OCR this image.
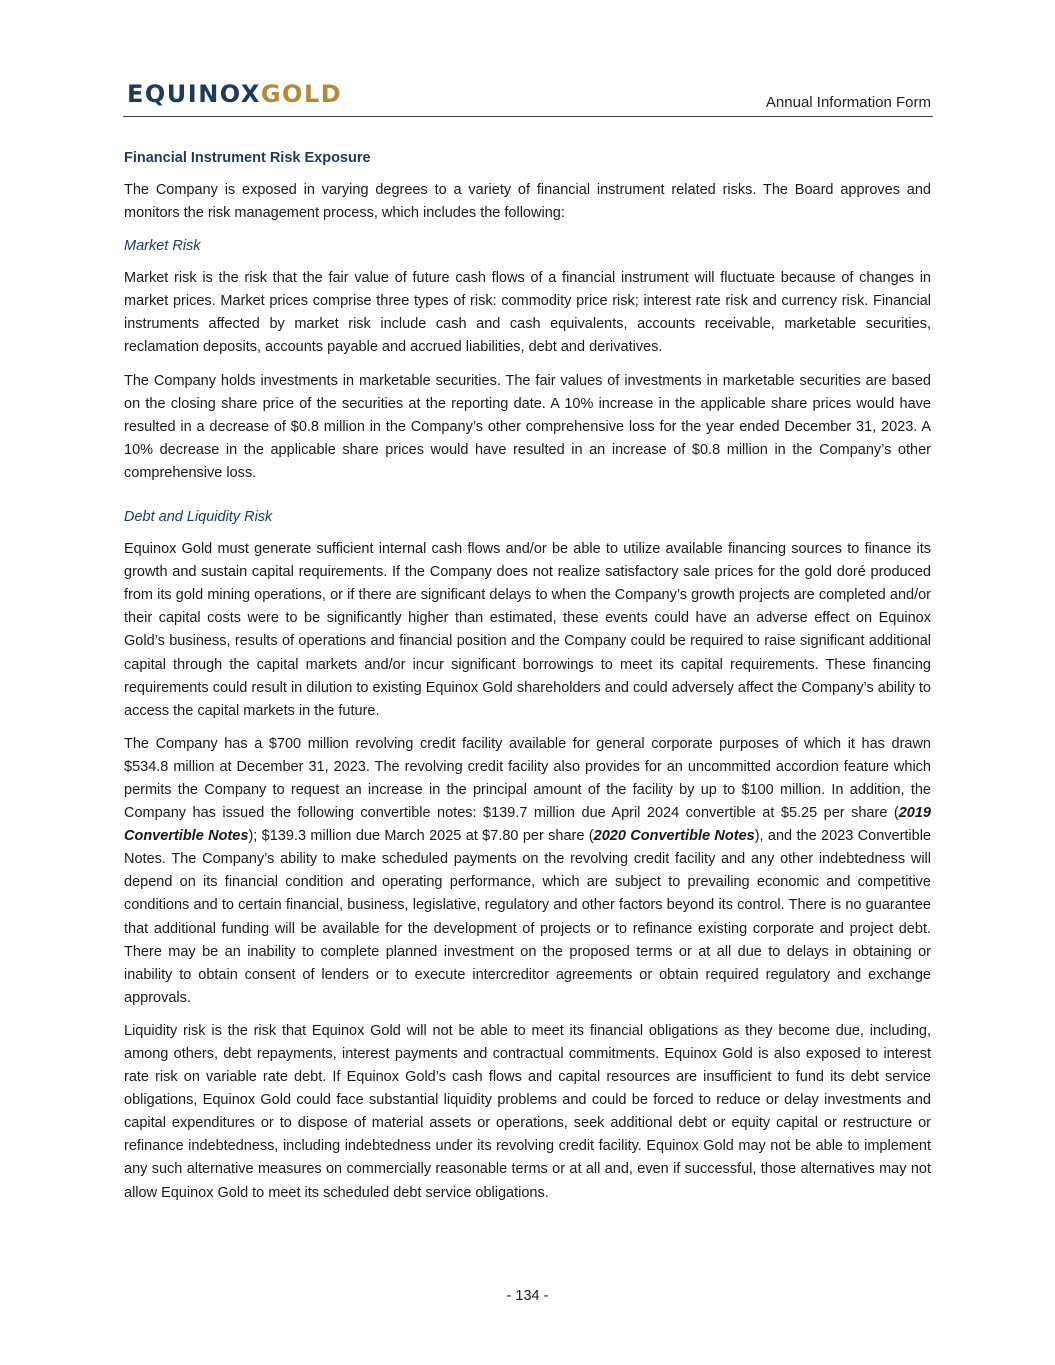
EQUINOXGOLD	Annual Information Form
Financial Instrument Risk Exposure

The Company is exposed in varying degrees to a variety of financial instrument related risks. The Board approves and monitors the risk management process, which includes the following:

Market Risk

Market risk is the risk that the fair value of future cash flows of a financial instrument will fluctuate because of changes in market prices. Market prices comprise three types of risk: commodity price risk; interest rate risk and currency risk. Financial instruments affected by market risk include cash and cash equivalents, accounts receivable, marketable securities, reclamation deposits, accounts payable and accrued liabilities, debt and derivatives.

The Company holds investments in marketable securities. The fair values of investments in marketable securities are based on the closing share price of the securities at the reporting date. A 10% increase in the applicable share prices would have resulted in a decrease of $0.8 million in the Company’s other comprehensive loss for the year ended December 31, 2023. A 10% decrease in the applicable share prices would have resulted in an increase of $0.8 million in the Company’s other comprehensive loss.

Debt and Liquidity Risk

Equinox Gold must generate sufficient internal cash flows and/or be able to utilize available financing sources to finance its growth and sustain capital requirements. If the Company does not realize satisfactory sale prices for the gold doré produced from its gold mining operations, or if there are significant delays to when the Company’s growth projects are completed and/or their capital costs were to be significantly higher than estimated, these events could have an adverse effect on Equinox Gold’s business, results of operations and financial position and the Company could be required to raise significant additional capital through the capital markets and/or incur significant borrowings to meet its capital requirements. These financing requirements could result in dilution to existing Equinox Gold shareholders and could adversely affect the Company’s ability to access the capital markets in the future.

The Company has a $700 million revolving credit facility available for general corporate purposes of which it has drawn $534.8 million at December 31, 2023. The revolving credit facility also provides for an uncommitted accordion feature which permits the Company to request an increase in the principal amount of the facility by up to $100 million. In addition, the Company has issued the following convertible notes: $139.7 million due April 2024 convertible at $5.25 per share (2019 Convertible Notes); $139.3 million due March 2025 at $7.80 per share (2020 Convertible Notes), and the 2023 Convertible Notes. The Company’s ability to make scheduled payments on the revolving credit facility and any other indebtedness will depend on its financial condition and operating performance, which are subject to prevailing economic and competitive conditions and to certain financial, business, legislative, regulatory and other factors beyond its control. There is no guarantee that additional funding will be available for the development of projects or to refinance existing corporate and project debt. There may be an inability to complete planned investment on the proposed terms or at all due to delays in obtaining or inability to obtain consent of lenders or to execute intercreditor agreements or obtain required regulatory and exchange approvals.

Liquidity risk is the risk that Equinox Gold will not be able to meet its financial obligations as they become due, including, among others, debt repayments, interest payments and contractual commitments. Equinox Gold is also exposed to interest rate risk on variable rate debt. If Equinox Gold’s cash flows and capital resources are insufficient to fund its debt service obligations, Equinox Gold could face substantial liquidity problems and could be forced to reduce or delay investments and capital expenditures or to dispose of material assets or operations, seek additional debt or equity capital or restructure or refinance indebtedness, including indebtedness under its revolving credit facility. Equinox Gold may not be able to implement any such alternative measures on commercially reasonable terms or at all and, even if successful, those alternatives may not allow Equinox Gold to meet its scheduled debt service obligations.

- 134 -
